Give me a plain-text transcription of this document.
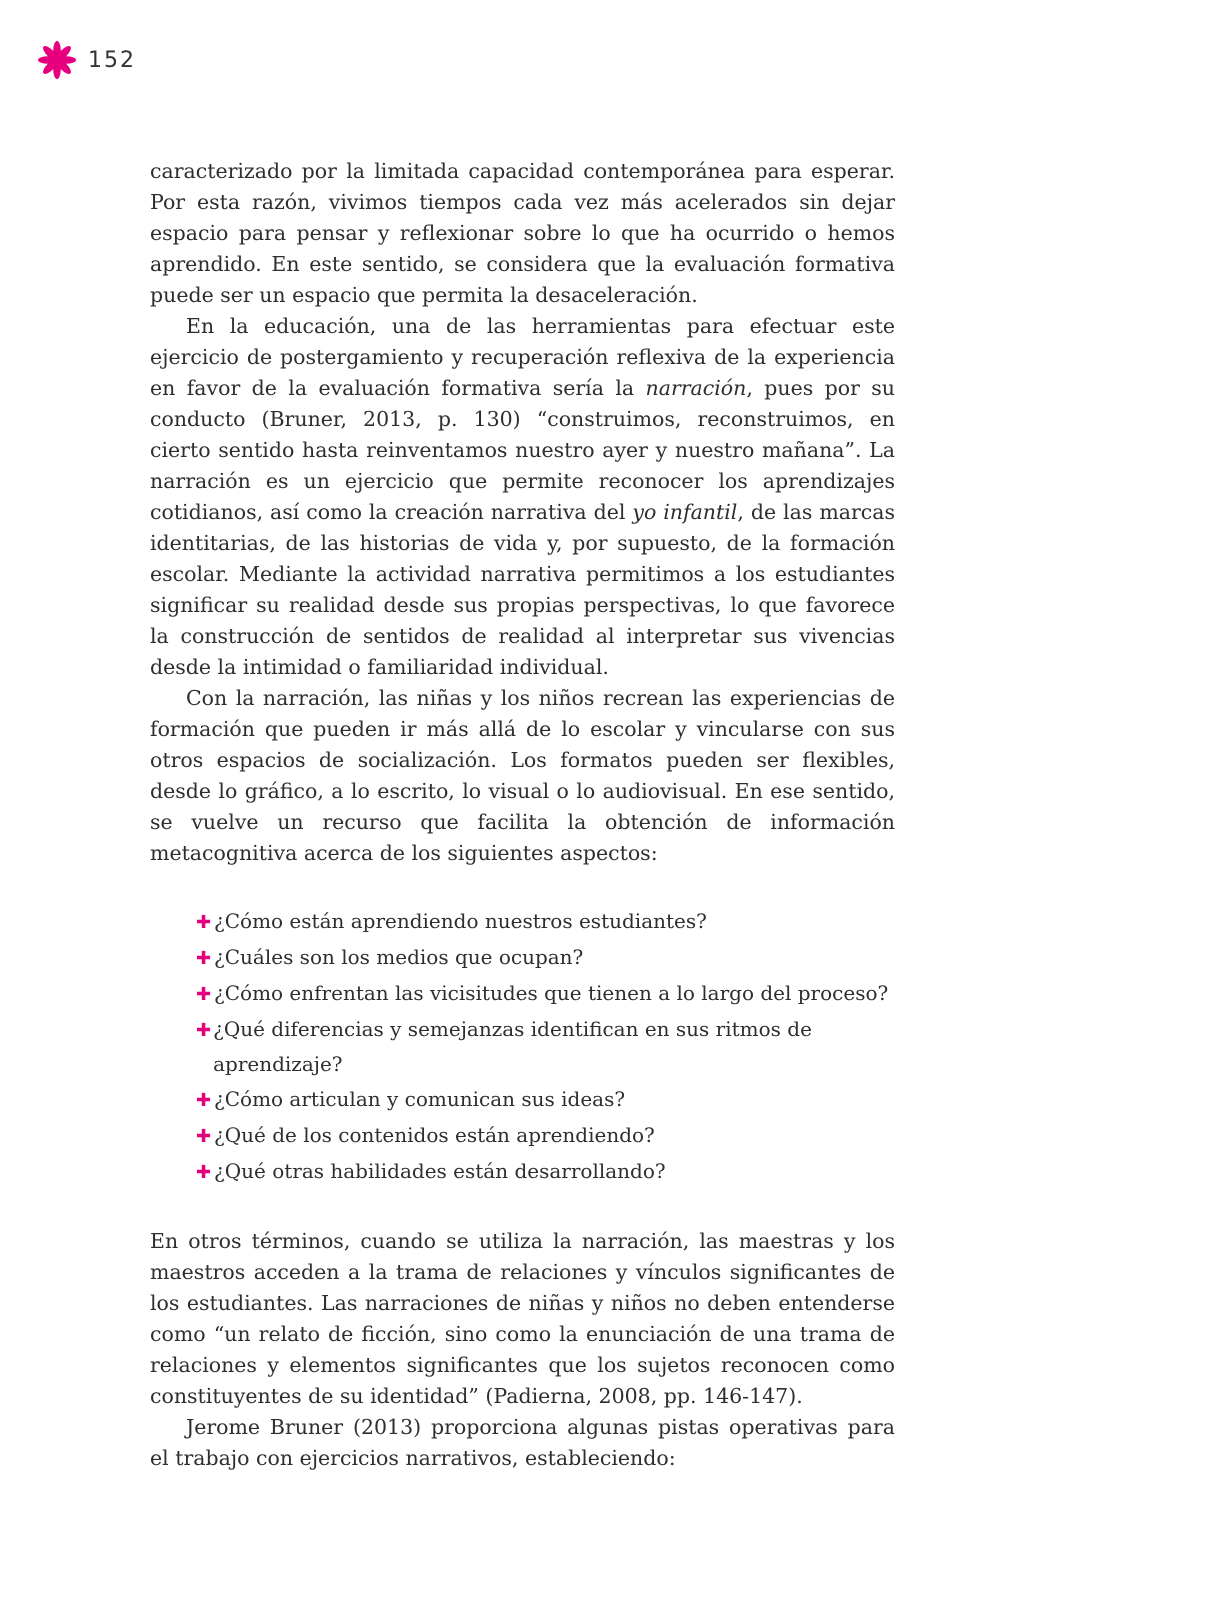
152

caracterizado por la limitada capacidad contemporánea para esperar. Por esta razón, vivimos tiempos cada vez más acelerados sin dejar espacio para pensar y reflexionar sobre lo que ha ocurrido o hemos aprendido. En este sentido, se considera que la evaluación formativa puede ser un espacio que permita la desaceleración.

En la educación, una de las herramientas para efectuar este ejercicio de postergamiento y recuperación reflexiva de la experiencia en favor de la evaluación formativa sería la narración, pues por su conducto (Bruner, 2013, p. 130) “construimos, reconstruimos, en cierto sentido hasta reinventamos nuestro ayer y nuestro mañana”. La narración es un ejercicio que permite reconocer los aprendizajes cotidianos, así como la creación narrativa del yo infantil, de las marcas identitarias, de las historias de vida y, por supuesto, de la formación escolar. Mediante la actividad narrativa permitimos a los estudiantes significar su realidad desde sus propias perspectivas, lo que favorece la construcción de sentidos de realidad al interpretar sus vivencias desde la intimidad o familiaridad individual.

Con la narración, las niñas y los niños recrean las experiencias de formación que pueden ir más allá de lo escolar y vincularse con sus otros espacios de socialización. Los formatos pueden ser flexibles, desde lo gráfico, a lo escrito, lo visual o lo audiovisual. En ese sentido, se vuelve un recurso que facilita la obtención de información metacognitiva acerca de los siguientes aspectos:

✚ ¿Cómo están aprendiendo nuestros estudiantes?
✚ ¿Cuáles son los medios que ocupan?
✚ ¿Cómo enfrentan las vicisitudes que tienen a lo largo del proceso?
✚ ¿Qué diferencias y semejanzas identifican en sus ritmos de aprendizaje?
✚ ¿Cómo articulan y comunican sus ideas?
✚ ¿Qué de los contenidos están aprendiendo?
✚ ¿Qué otras habilidades están desarrollando?

En otros términos, cuando se utiliza la narración, las maestras y los maestros acceden a la trama de relaciones y vínculos significantes de los estudiantes. Las narraciones de niñas y niños no deben entenderse como “un relato de ficción, sino como la enunciación de una trama de relaciones y elementos significantes que los sujetos reconocen como constituyentes de su identidad” (Padierna, 2008, pp. 146-147).

Jerome Bruner (2013) proporciona algunas pistas operativas para el trabajo con ejercicios narrativos, estableciendo:
